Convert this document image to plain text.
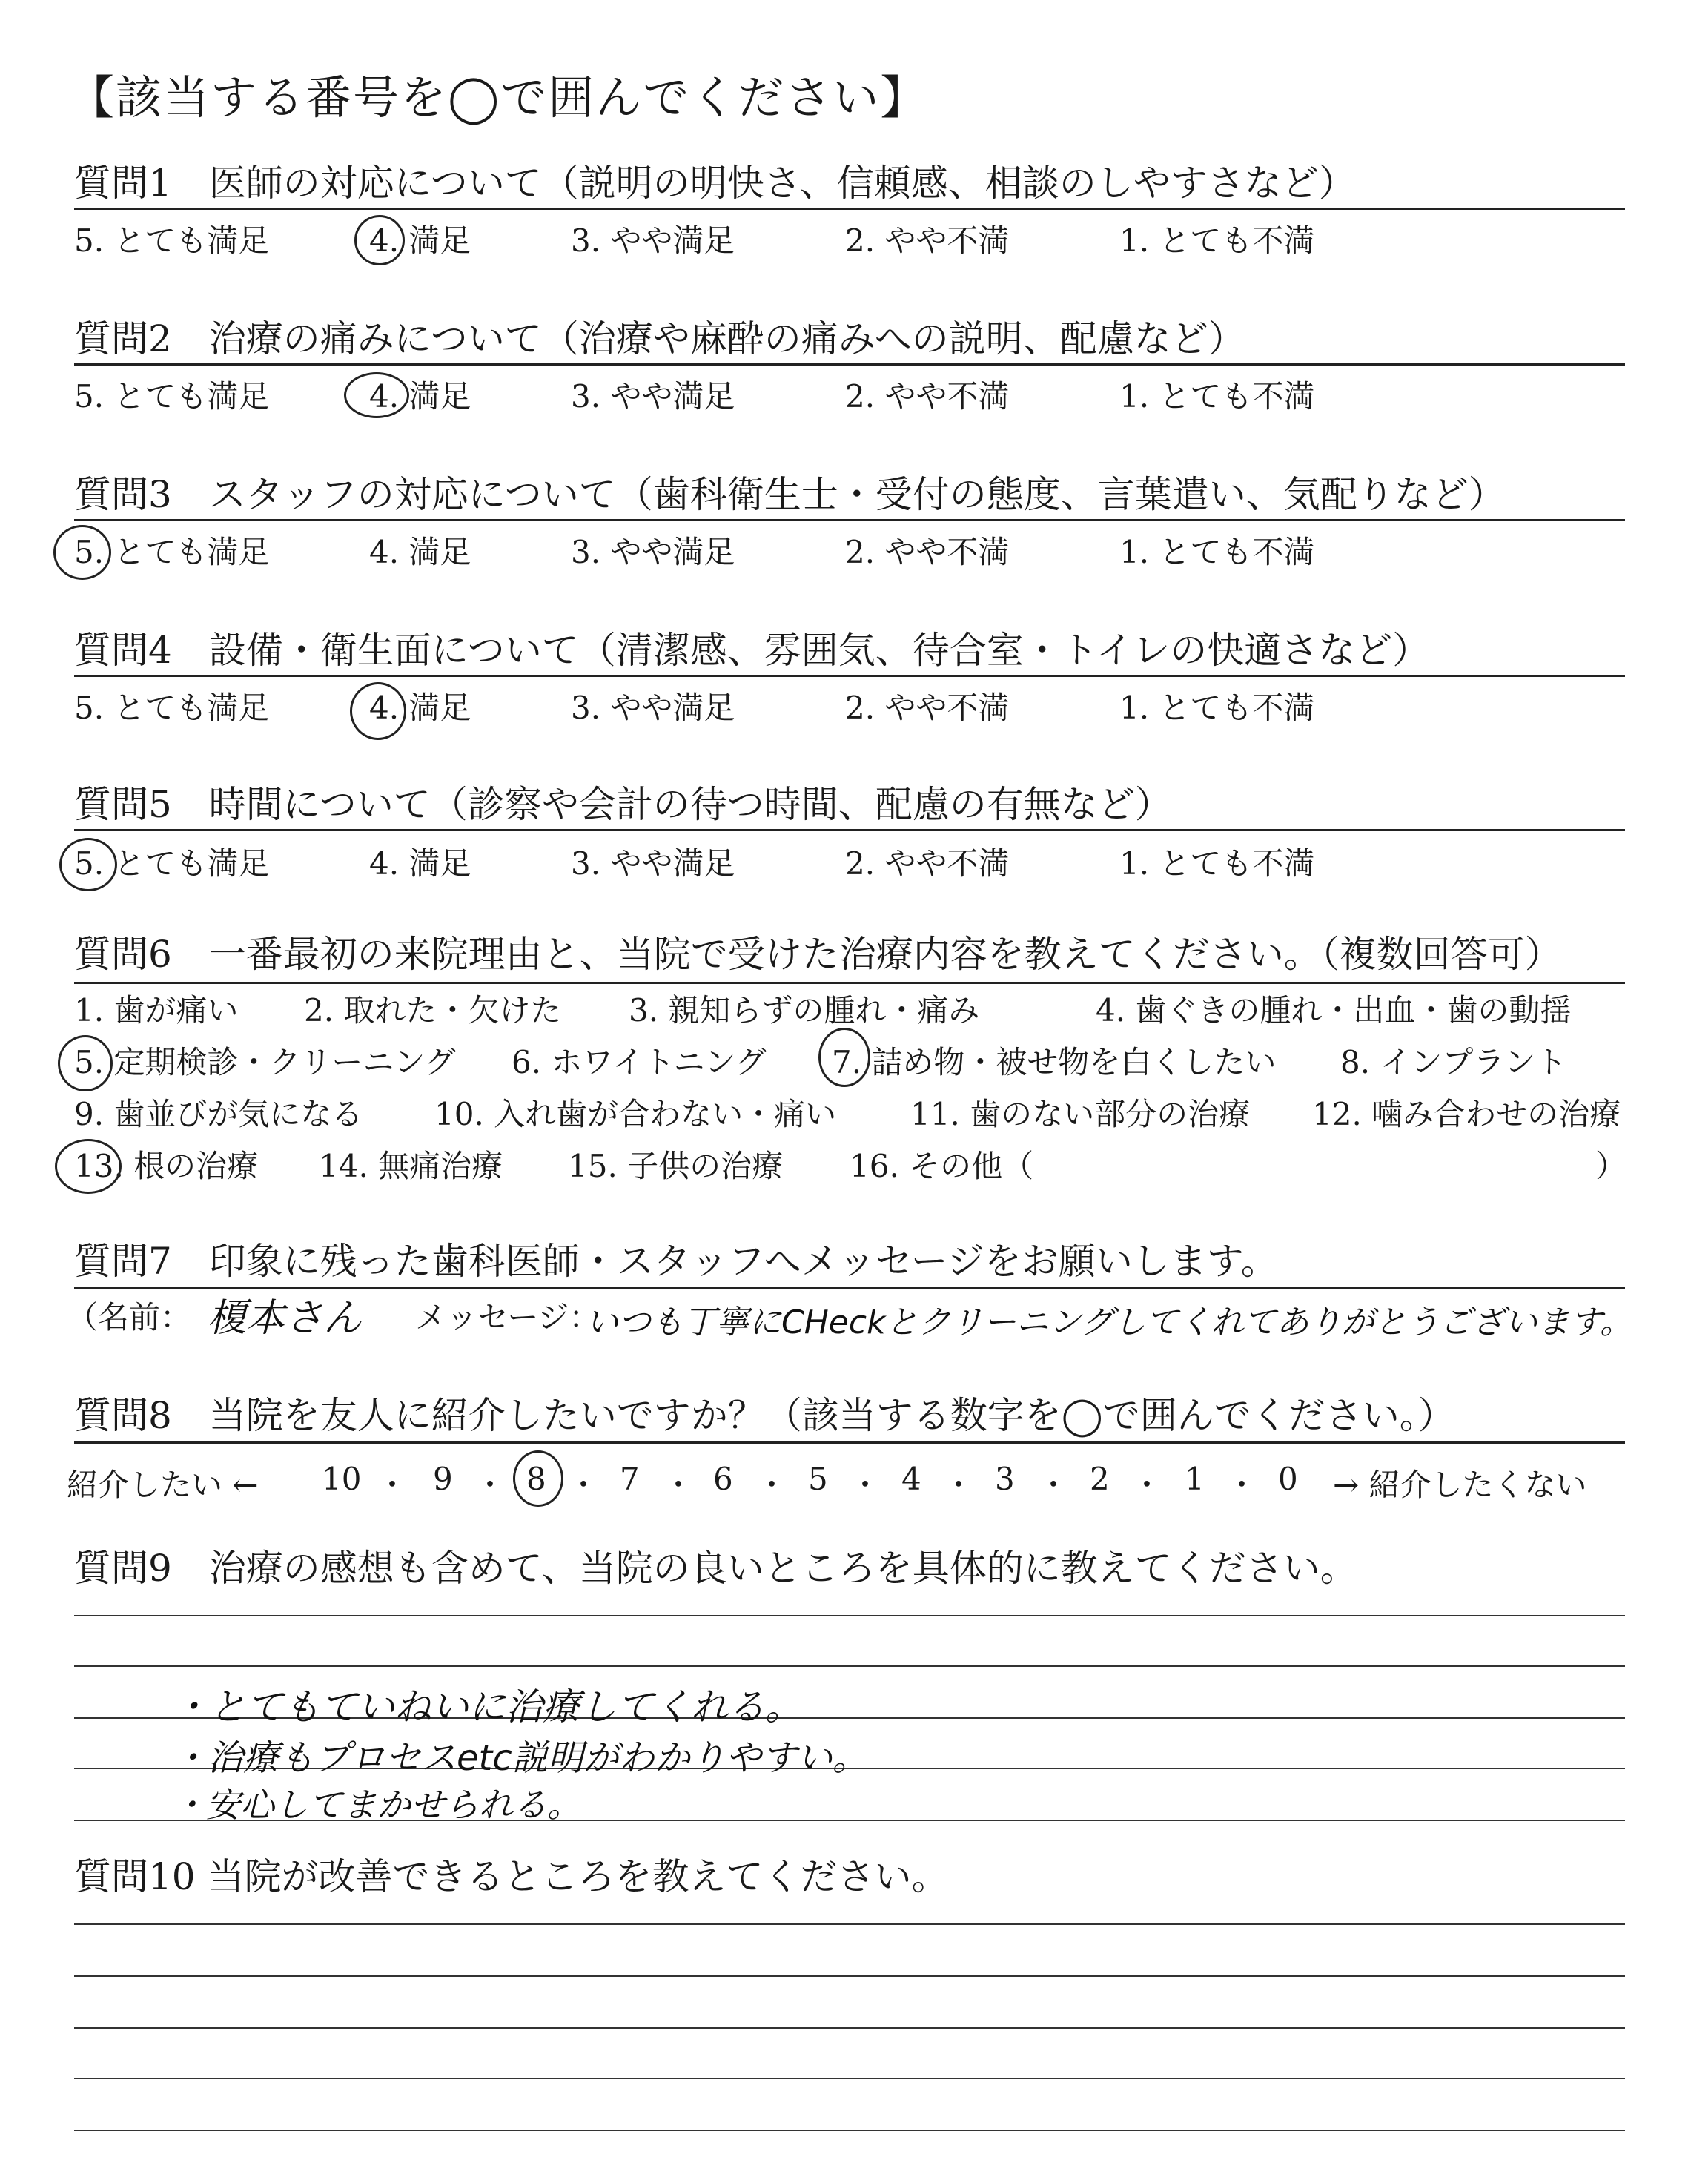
【該当する番号を◯で囲んでください】
質問1　医師の対応について（説明の明快さ、信頼感、相談のしやすさなど）
5. とても満足	4. 満足	3. やや満足	2. やや不満	1. とても不満
質問2　治療の痛みについて（治療や麻酔の痛みへの説明、配慮など）
5. とても満足	4. 満足	3. やや満足	2. やや不満	1. とても不満
質問3　スタッフの対応について（歯科衛生士・受付の態度、言葉遣い、気配りなど）
5. とても満足	4. 満足	3. やや満足	2. やや不満	1. とても不満
質問4　設備・衛生面について（清潔感、雰囲気、待合室・トイレの快適さなど）
5. とても満足	4. 満足	3. やや満足	2. やや不満	1. とても不満
質問5　時間について（診察や会計の待つ時間、配慮の有無など）
5. とても満足	4. 満足	3. やや満足	2. やや不満	1. とても不満
質問6　一番最初の来院理由と、当院で受けた治療内容を教えてください。（複数回答可）
1. 歯が痛い 2. 取れた・欠けた 3. 親知らずの腫れ・痛み	4. 歯ぐきの腫れ・出血・歯の動揺
5. 定期検診・クリーニング 6. ホワイトニング 7. 詰め物・被せ物を白くしたい 8. インプラント
9. 歯並びが気になる 10. 入れ歯が合わない・痛い 11. 歯のない部分の治療 12. 噛み合わせの治療
13. 根の治療 14. 無痛治療 15. 子供の治療 16. その他（	）
質問7　印象に残った歯科医師・スタッフへメッセージをお願いします。
（名前： 榎本さん メッセージ：
いつも丁寧にCHeckとクリーニングしてくれてありがとうございます。
質問8　当院を友人に紹介したいですか？（該当する数字を◯で囲んでください。）
紹介したい ←	→ 紹介したくない
10 ・ 9 ・ 8 ・ 7 ・ 6 ・ 5 ・ 4 ・ 3 ・ 2 ・ 1 ・ 0
質問9　治療の感想も含めて、当院の良いところを具体的に教えてください。
・とてもていねいに治療してくれる。
・治療もプロセスetc説明がわかりやすい。
・安心してまかせられる。
質問10 当院が改善できるところを教えてください。
